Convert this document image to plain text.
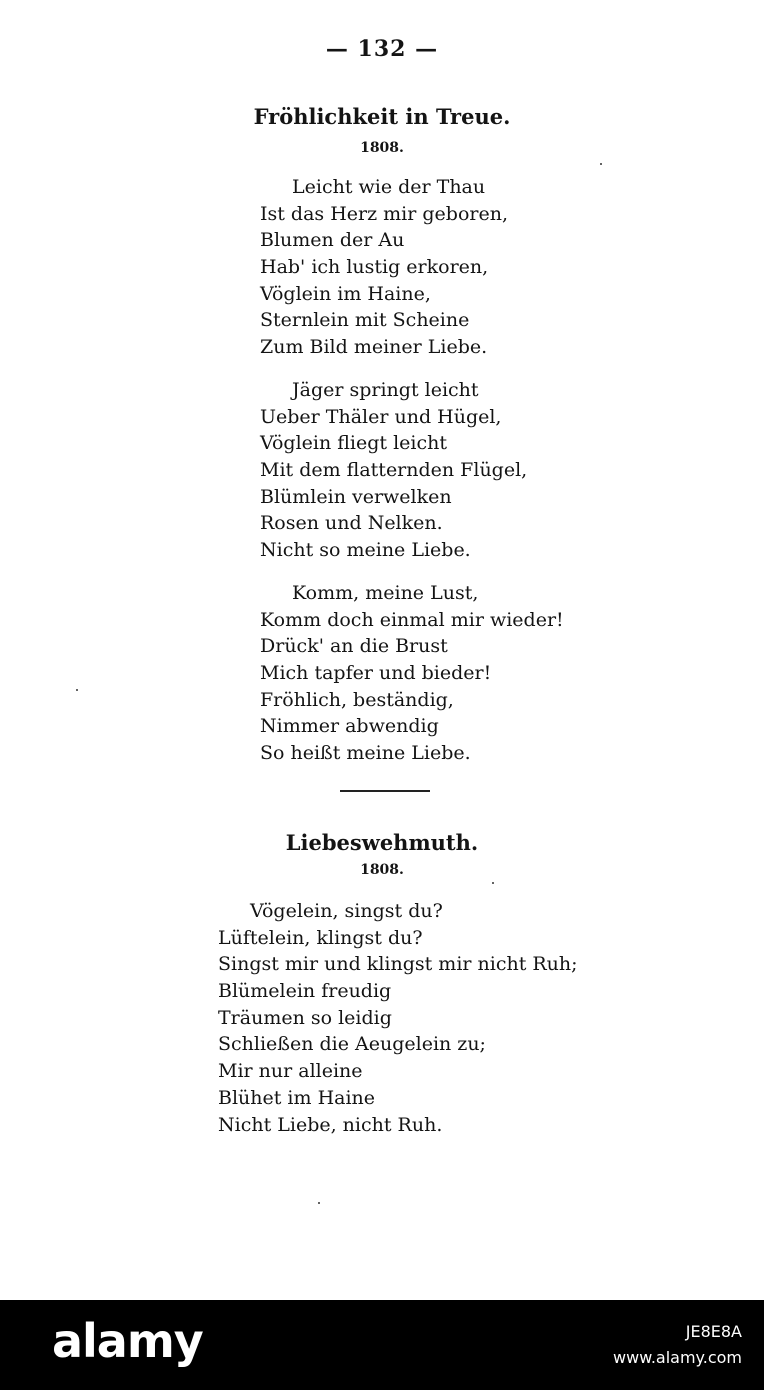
— 132 —
Fröhlichkeit in Treue.
1808.
Leicht wie der Thau
Ist das Herz mir geboren,
Blumen der Au
Hab' ich lustig erkoren,
Vöglein im Haine,
Sternlein mit Scheine
Zum Bild meiner Liebe.
Jäger springt leicht
Ueber Thäler und Hügel,
Vöglein fliegt leicht
Mit dem flatternden Flügel,
Blümlein verwelken
Rosen und Nelken.
Nicht so meine Liebe.
Komm, meine Lust,
Komm doch einmal mir wieder!
Drück' an die Brust
Mich tapfer und bieder!
Fröhlich, beständig,
Nimmer abwendig
So heißt meine Liebe.
Liebeswehmuth.
1808.
Vögelein, singst du?
Lüftelein, klingst du?
Singst mir und klingst mir nicht Ruh;
Blümelein freudig
Träumen so leidig
Schließen die Aeugelein zu;
Mir nur alleine
Blühet im Haine
Nicht Liebe, nicht Ruh.
alamy	JE8E8A
www.alamy.com
